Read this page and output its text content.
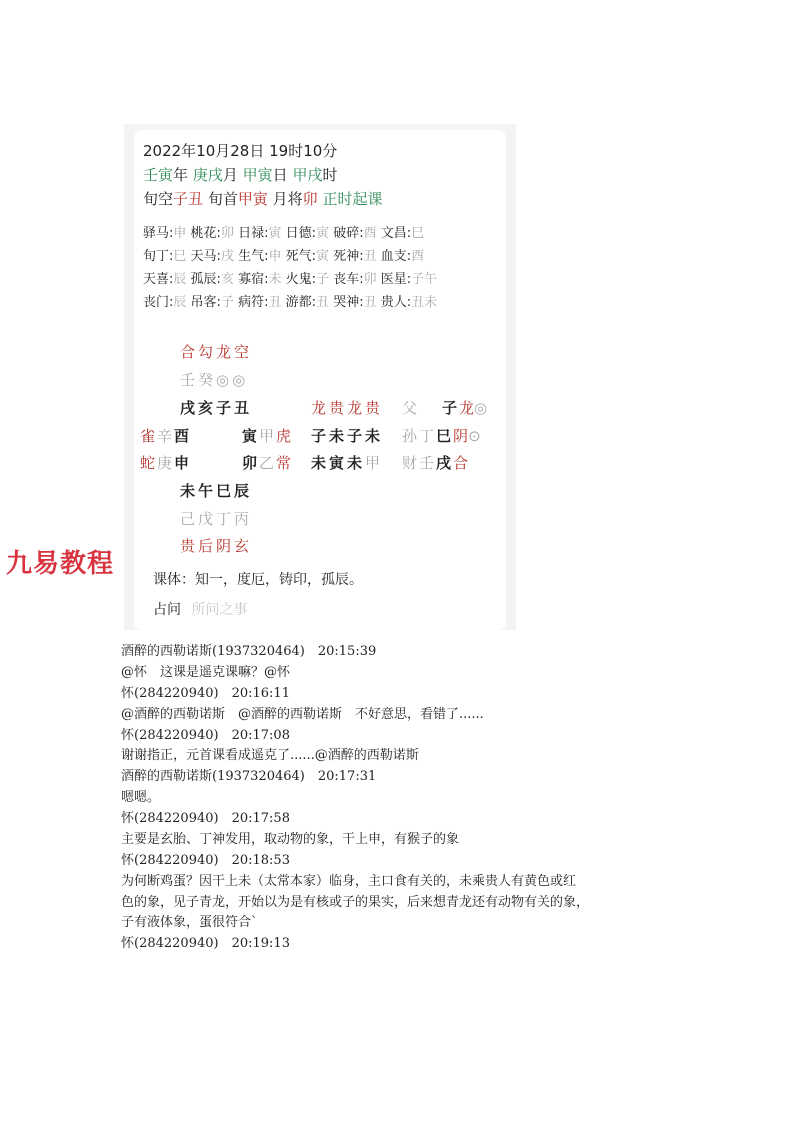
2022年10月28日 19时10分
壬寅年 庚戌月 甲寅日 甲戌时
旬空子丑 旬首甲寅 月将卯 正时起课
驿马:申 桃花:卯 日禄:寅 日德:寅 破碎:酉 文昌:巳
旬丁:巳 天马:戌 生气:申 死气:寅 死神:丑 血支:酉
天喜:辰 孤辰:亥 寡宿:未 火鬼:子 丧车:卯 医星:子午
丧门:辰 吊客:子 病符:丑 游都:丑 哭神:丑 贵人:丑未
合勾龙空
壬癸◎◎
戌亥子丑
雀 辛 酉
蛇 庚 申
寅 甲 虎
卯 乙 常
未午巳辰
己戊丁丙
贵后阴玄
龙贵龙贵
子未子未
未寅未甲
父 子 龙◎
孙 丁 巳 阴⊙
财 壬 戌 合
课体：知一，度厄，铸印，孤辰。
占问 所问之事
九易教程
酒醉的西勒诺斯(1937320464)　20:15:39
@怀　这课是遥克课嘛？@怀
怀(284220940)　20:16:11
@酒醉的西勒诺斯　@酒醉的西勒诺斯　不好意思，看错了......
怀(284220940)　20:17:08
谢谢指正，元首课看成遥克了......@酒醉的西勒诺斯
酒醉的西勒诺斯(1937320464)　20:17:31
嗯嗯。
怀(284220940)　20:17:58
主要是玄胎、丁神发用，取动物的象，干上申，有猴子的象
怀(284220940)　20:18:53
为何断鸡蛋？因干上未（太常本家）临身，主口食有关的，未乘贵人有黄色或红
色的象，见子青龙，开始以为是有核或子的果实，后来想青龙还有动物有关的象，
子有液体象，蛋很符合`
怀(284220940)　20:19:13
